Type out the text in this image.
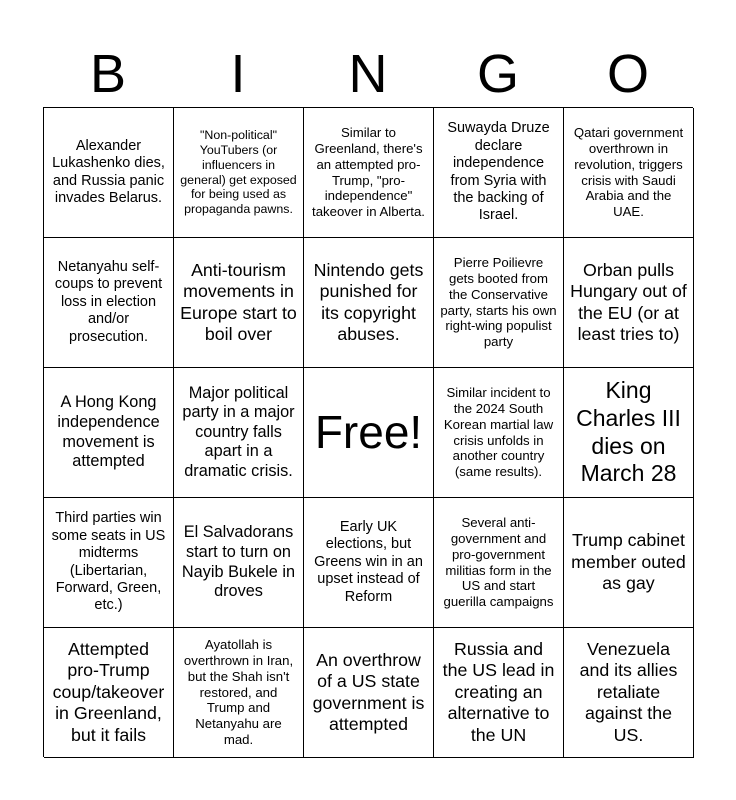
B	I	N	G	O
Alexander Lukashenko dies, and Russia panic invades Belarus.
"Non-political" YouTubers (or influencers in general) get exposed for being used as propaganda pawns.
Similar to Greenland, there's an attempted pro-Trump, "pro-independence" takeover in Alberta.
Suwayda Druze declare independence from Syria with the backing of Israel.
Qatari government overthrown in revolution, triggers crisis with Saudi Arabia and the UAE.
Netanyahu self-coups to prevent loss in election and/or prosecution.
Anti-tourism movements in Europe start to boil over
Nintendo gets punished for its copyright abuses.
Pierre Poilievre gets booted from the Conservative party, starts his own right-wing populist party
Orban pulls Hungary out of the EU (or at least tries to)
A Hong Kong independence movement is attempted
Major political party in a major country falls apart in a dramatic crisis.
Free!
Similar incident to the 2024 South Korean martial law crisis unfolds in another country (same results).
King Charles III dies on March 28
Third parties win some seats in US midterms (Libertarian, Forward, Green, etc.)
El Salvadorans start to turn on Nayib Bukele in droves
Early UK elections, but Greens win in an upset instead of Reform
Several anti-government and pro-government militias form in the US and start guerilla campaigns
Trump cabinet member outed as gay
Attempted pro-Trump coup/takeover in Greenland, but it fails
Ayatollah is overthrown in Iran, but the Shah isn't restored, and Trump and Netanyahu are mad.
An overthrow of a US state government is attempted
Russia and the US lead in creating an alternative to the UN
Venezuela and its allies retaliate against the US.
